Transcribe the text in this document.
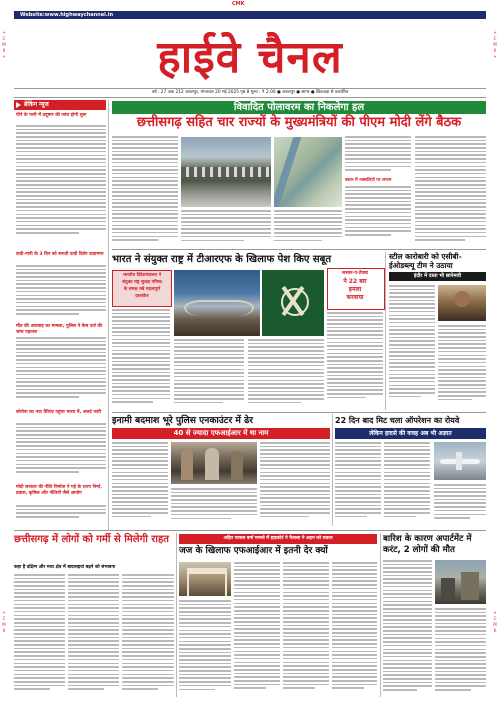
CMK
+
C
M
K
+
+
C
M
K
+
+
C
M
K
+
C
M
K
Website:www.highwaychannel.in
हाईवे चैनल
वर्ष : 27 अंक 212 जबलपुर, मंगलवार 20 मई 2025 पृष्ठ 8 मूल्य : ₹ 2.00 ● जबलपुर ● सागर ● छिंदवाड़ा से प्रकाशित
ब्रेकिंग न्यूज
पीने के पानी में प्रदूषण की जांच होगी शुरू
दादी-नानी के 3 दिन को बनाती दादी दिलेर दादामणा
मौत की अफवाह का मामला, पुलिस ने केस दर्ज की जांच पड़ताल
कोरोना का नया वैरिएंट पहुंचा भारत में, अलर्ट जारी
मोदी सरकार की नीति निर्माता ने गई के राज्य निर्मा, प्रवास, कृषिक और नीतियों जैसे आयोग
विवादित पोलावरम का निकलेगा हल
छत्तीसगढ़ सहित चार राज्यों के मुख्यमंत्रियों की पीएम मोदी लेंगे बैठक
बस्तर में नक्सलियों पर लगाम
भारत ने संयुक्त राष्ट्र में टीआरएफ के खिलाफ पेश किए सबूत
भारतीय विदेशमंत्रालय ने
संयुक्त राष्ट्र सुरक्षा परिषद
के समक्ष रखे महत्वपूर्ण
दस्तावेज
लश्कर-ए-तैयबा
ने 22 बार
हमला
करवाया
स्टील कारोबारी को एसीबी-ईओडब्ल्यू टीम ने उठाया
इंदौर में दस्ता भी छापेमारी
इनामी बदमाश भूरे पुलिस एनकाउंटर में ढेर
40 से ज्यादा एफआईआर में था नाम
22 दिन बाद मिट चला ऑपरेशन का रोयवे
लेकिन हादसे की वजह अब भी अज्ञात
छत्तीसगढ़ में लोगों को गर्मी से मिलेगी राहत
कहा है दक्षिण और मध्य क्षेत्र में बादलाइयां बढ़ने को संभावना
अहित पाकल वर्मा मामले में हाइकोर्ट ने फैसला ने अहम को सवाल
जज के खिलाफ एफआईआर में इतनी देर क्यों
बारिश के कारण अपार्टमेंट में करंट, 2 लोगों की मौत
